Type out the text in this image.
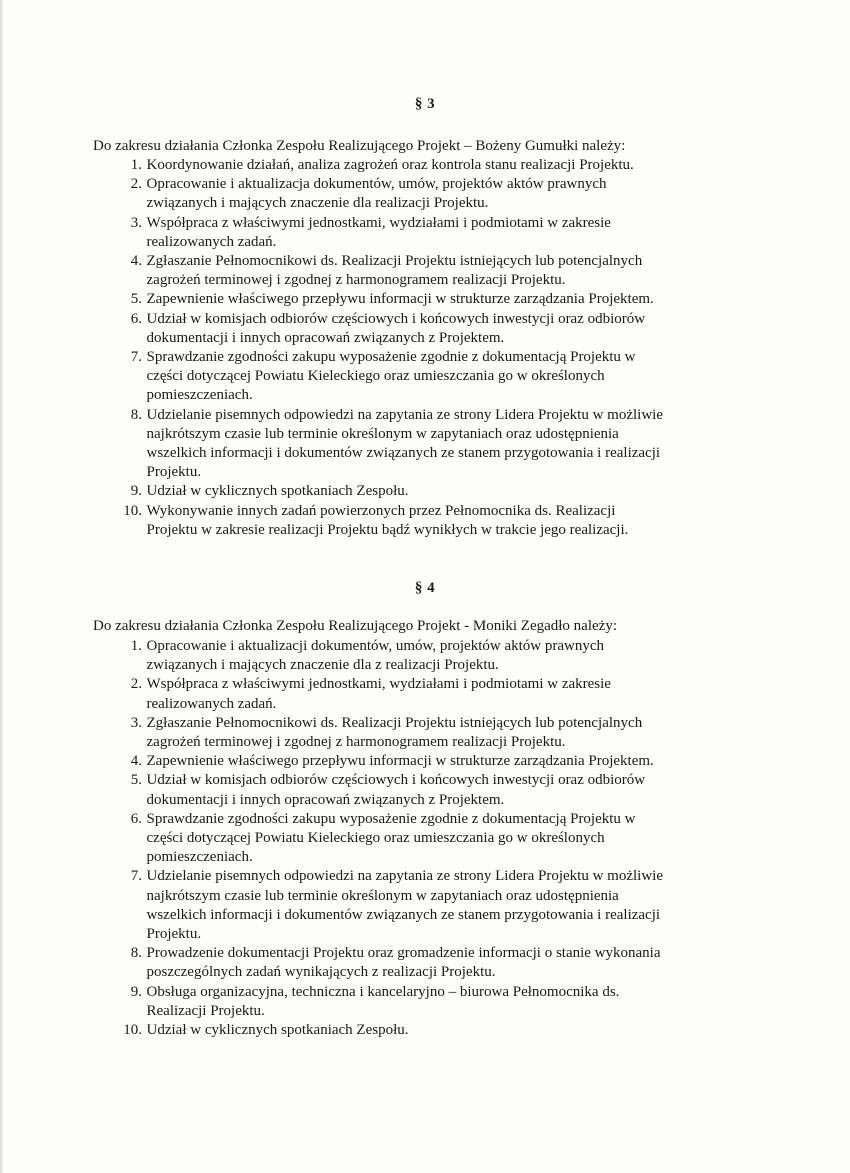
§ 3
Do zakresu działania Członka Zespołu Realizującego Projekt – Bożeny Gumułki należy:
1. Koordynowanie działań, analiza zagrożeń oraz kontrola stanu realizacji Projektu.
2. Opracowanie i aktualizacja dokumentów, umów, projektów aktów prawnych
związanych i mających znaczenie dla realizacji Projektu.
3. Współpraca z właściwymi jednostkami, wydziałami i podmiotami w zakresie
realizowanych zadań.
4. Zgłaszanie Pełnomocnikowi ds. Realizacji Projektu istniejących lub potencjalnych
zagrożeń terminowej i zgodnej z harmonogramem realizacji Projektu.
5. Zapewnienie właściwego przepływu informacji w strukturze zarządzania Projektem.
6. Udział w komisjach odbiorów częściowych i końcowych inwestycji oraz odbiorów
dokumentacji i innych opracowań związanych z Projektem.
7. Sprawdzanie zgodności zakupu wyposażenie zgodnie z dokumentacją Projektu w
części dotyczącej Powiatu Kieleckiego oraz umieszczania go w określonych
pomieszczeniach.
8. Udzielanie pisemnych odpowiedzi na zapytania ze strony Lidera Projektu w możliwie
najkrótszym czasie lub terminie określonym w zapytaniach oraz udostępnienia
wszelkich informacji i dokumentów związanych ze stanem przygotowania i realizacji
Projektu.
9. Udział w cyklicznych spotkaniach Zespołu.
10. Wykonywanie innych zadań powierzonych przez Pełnomocnika ds. Realizacji
Projektu w zakresie realizacji Projektu bądź wynikłych w trakcie jego realizacji.
§ 4
Do zakresu działania Członka Zespołu Realizującego Projekt - Moniki Zegadło należy:
1. Opracowanie i aktualizacji dokumentów, umów, projektów aktów prawnych
związanych i mających znaczenie dla z realizacji Projektu.
2. Współpraca z właściwymi jednostkami, wydziałami i podmiotami w zakresie
realizowanych zadań.
3. Zgłaszanie Pełnomocnikowi ds. Realizacji Projektu istniejących lub potencjalnych
zagrożeń terminowej i zgodnej z harmonogramem realizacji Projektu.
4. Zapewnienie właściwego przepływu informacji w strukturze zarządzania Projektem.
5. Udział w komisjach odbiorów częściowych i końcowych inwestycji oraz odbiorów
dokumentacji i innych opracowań związanych z Projektem.
6. Sprawdzanie zgodności zakupu wyposażenie zgodnie z dokumentacją Projektu w
części dotyczącej Powiatu Kieleckiego oraz umieszczania go w określonych
pomieszczeniach.
7. Udzielanie pisemnych odpowiedzi na zapytania ze strony Lidera Projektu w możliwie
najkrótszym czasie lub terminie określonym w zapytaniach oraz udostępnienia
wszelkich informacji i dokumentów związanych ze stanem przygotowania i realizacji
Projektu.
8. Prowadzenie dokumentacji Projektu oraz gromadzenie informacji o stanie wykonania
poszczególnych zadań wynikających z realizacji Projektu.
9. Obsługa organizacyjna, techniczna i kancelaryjno – biurowa Pełnomocnika ds.
Realizacji Projektu.
10. Udział w cyklicznych spotkaniach Zespołu.
